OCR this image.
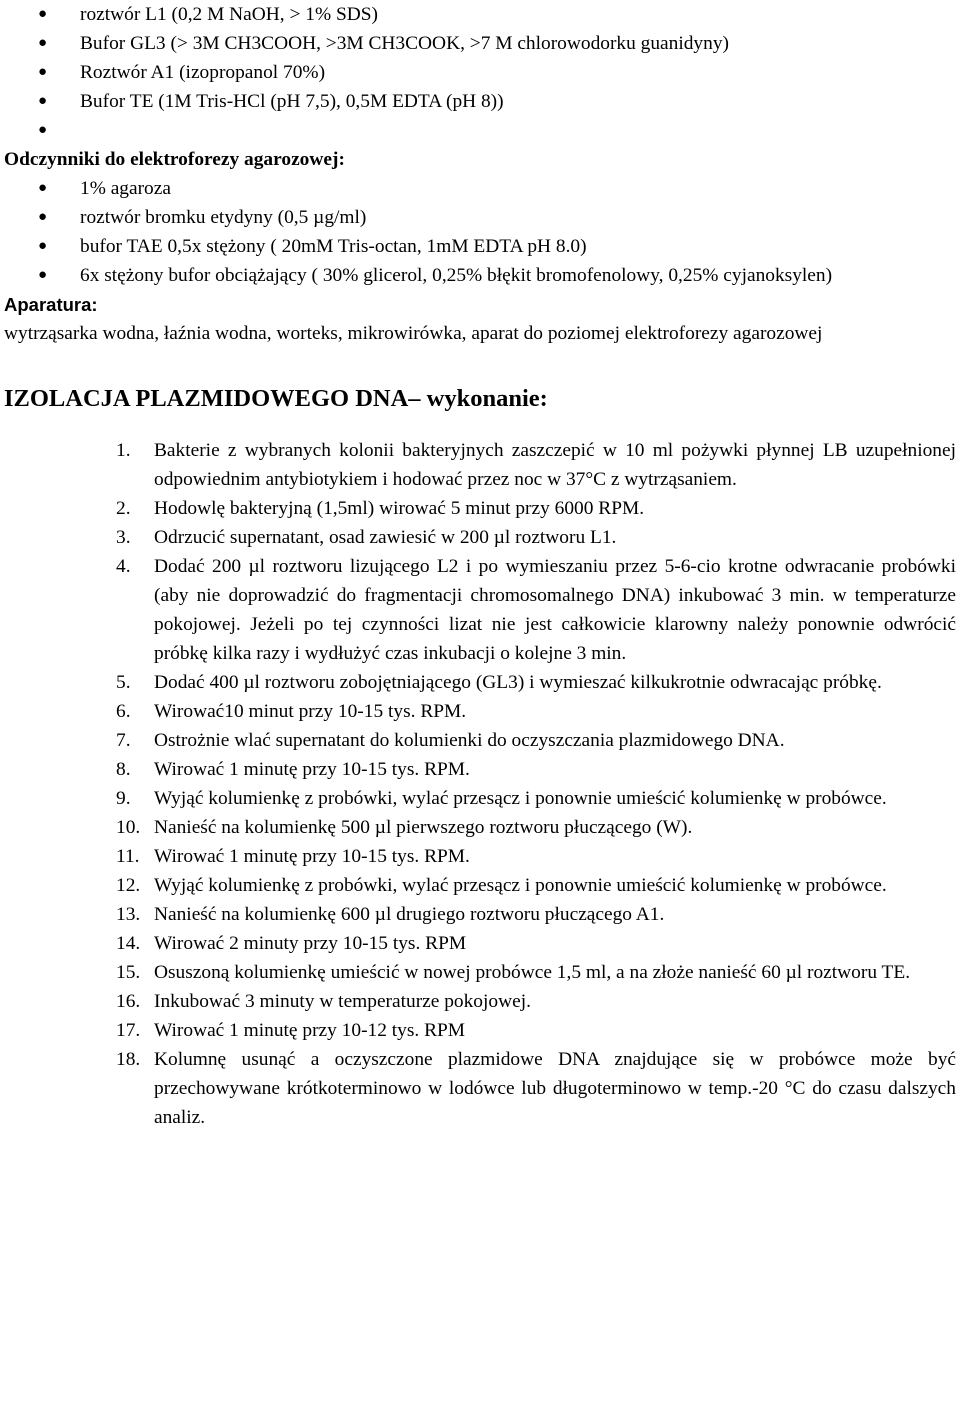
● roztwór L1 (0,2 M NaOH, > 1% SDS)
● Bufor GL3 (> 3M CH3COOH, >3M CH3COOK, >7 M chlorowodorku guanidyny)
● Roztwór A1 (izopropanol 70%)
● Bufor TE (1M Tris-HCl (pH 7,5), 0,5M EDTA (pH 8))
●

Odczynniki do elektroforezy agarozowej:
● 1% agaroza
● roztwór bromku etydyny (0,5 µg/ml)
● bufor TAE 0,5x stężony ( 20mM Tris-octan, 1mM EDTA pH 8.0)
● 6x stężony bufor obciążający ( 30% glicerol, 0,25% błękit bromofenolowy, 0,25% cyjanoksylen)
Aparatura:
wytrząsarka wodna, łaźnia wodna, worteks, mikrowirówka, aparat do poziomej elektroforezy agarozowej
IZOLACJA PLAZMIDOWEGO DNA– wykonanie:
1. Bakterie z wybranych kolonii bakteryjnych zaszczepić w 10 ml pożywki płynnej LB uzupełnionej odpowiednim antybiotykiem i hodować przez noc w 37°C z wytrząsaniem.
2. Hodowlę bakteryjną (1,5ml) wirować 5 minut przy 6000 RPM.
3. Odrzucić supernatant, osad zawiesić w 200 µl roztworu L1.
4. Dodać 200 µl roztworu lizującego L2 i po wymieszaniu przez 5-6-cio krotne odwracanie probówki (aby nie doprowadzić do fragmentacji chromosomalnego DNA) inkubować 3 min. w temperaturze pokojowej. Jeżeli po tej czynności lizat nie jest całkowicie klarowny należy ponownie odwrócić próbkę kilka razy i wydłużyć czas inkubacji o kolejne 3 min.
5. Dodać 400 µl roztworu zobojętniającego (GL3) i wymieszać kilkukrotnie odwracając próbkę.
6. Wirować10 minut przy 10-15 tys. RPM.
7. Ostrożnie wlać supernatant do kolumienki do oczyszczania plazmidowego DNA.
8. Wirować 1 minutę przy 10-15 tys. RPM.
9. Wyjąć kolumienkę z probówki, wylać przesącz i ponownie umieścić kolumienkę w probówce.
10. Nanieść na kolumienkę 500 µl pierwszego roztworu płuczącego (W).
11. Wirować 1 minutę przy 10-15 tys. RPM.
12. Wyjąć kolumienkę z probówki, wylać przesącz i ponownie umieścić kolumienkę w probówce.
13. Nanieść na kolumienkę 600 µl drugiego roztworu płuczącego A1.
14. Wirować 2 minuty przy 10-15 tys. RPM
15. Osuszoną kolumienkę umieścić w nowej probówce 1,5 ml, a na złoże nanieść 60 µl roztworu TE.
16. Inkubować 3 minuty w temperaturze pokojowej.
17. Wirować 1 minutę przy 10-12 tys. RPM
18. Kolumnę usunąć a oczyszczone plazmidowe DNA znajdujące się w probówce może być przechowywane krótkoterminowo w lodówce lub długoterminowo w temp.-20 °C do czasu dalszych analiz.
